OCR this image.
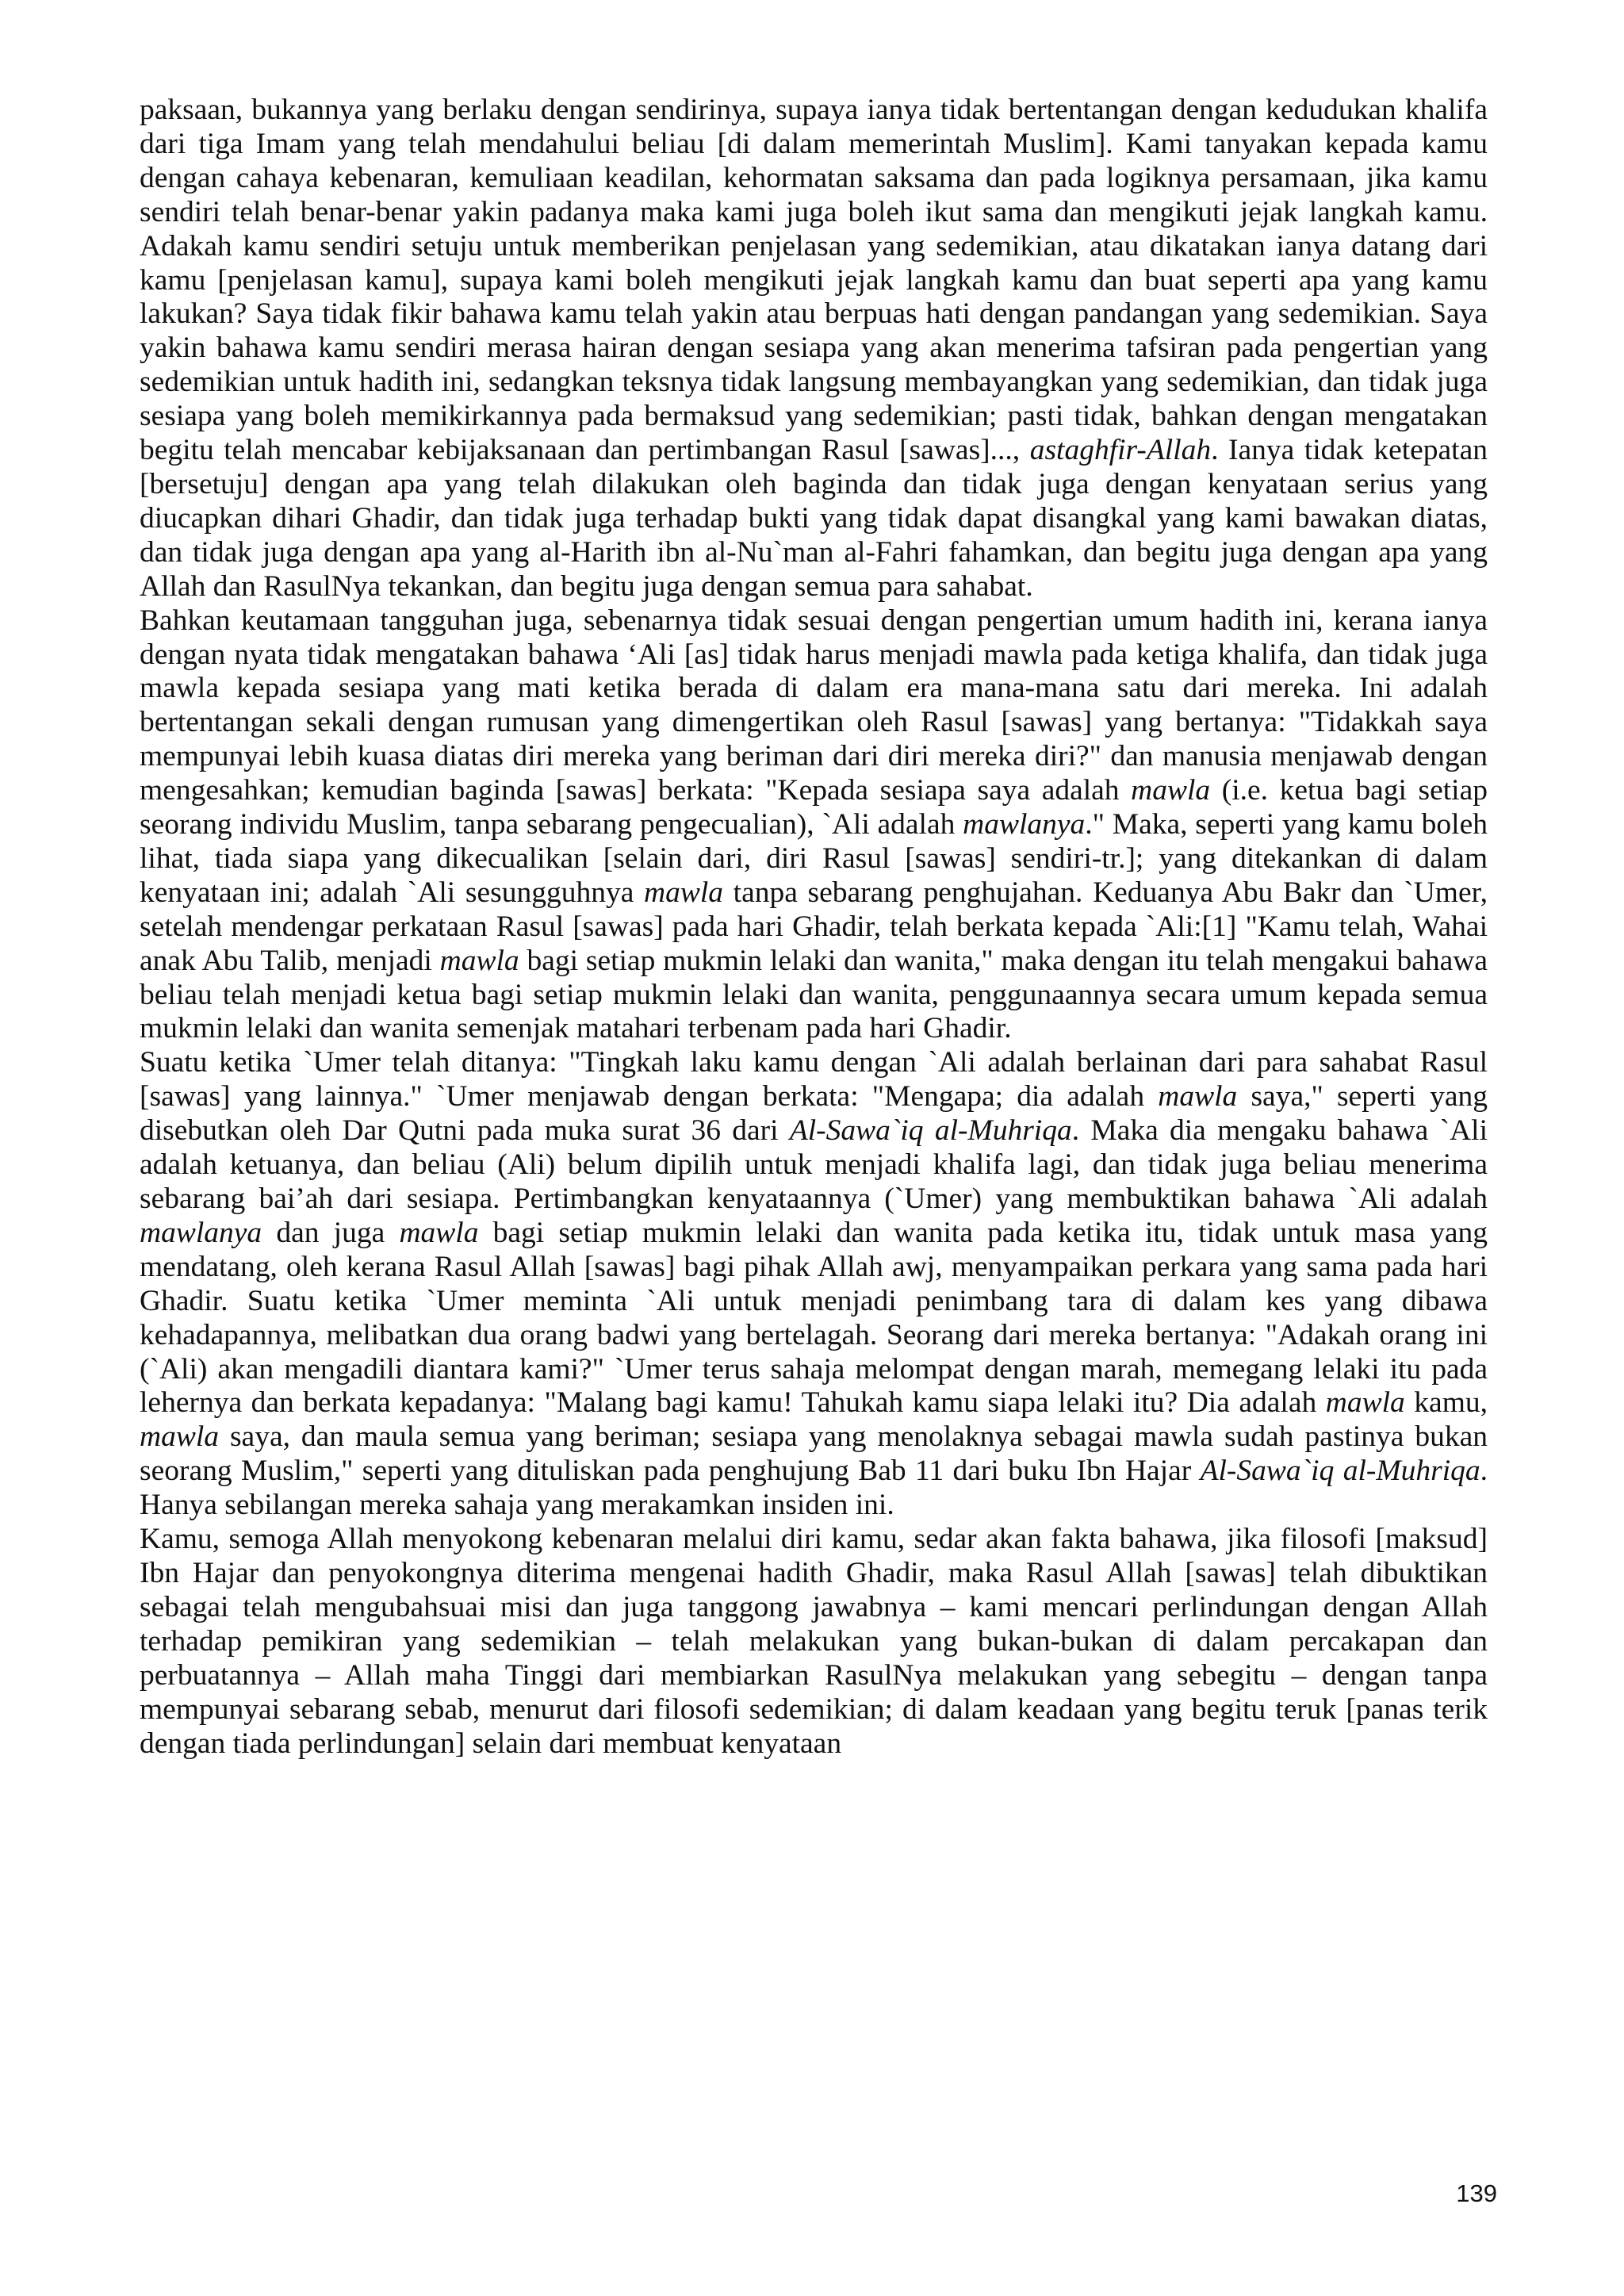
paksaan, bukannya yang berlaku dengan sendirinya, supaya ianya tidak bertentangan dengan kedudukan khalifa dari tiga Imam yang telah mendahului beliau [di dalam memerintah Muslim]. Kami tanyakan kepada kamu dengan cahaya kebenaran, kemuliaan keadilan, kehormatan saksama dan pada logiknya persamaan, jika kamu sendiri telah benar-benar yakin padanya maka kami juga boleh ikut sama dan mengikuti jejak langkah kamu. Adakah kamu sendiri setuju untuk memberikan penjelasan yang sedemikian, atau dikatakan ianya datang dari kamu [penjelasan kamu], supaya kami boleh mengikuti jejak langkah kamu dan buat seperti apa yang kamu lakukan? Saya tidak fikir bahawa kamu telah yakin atau berpuas hati dengan pandangan yang sedemikian. Saya yakin bahawa kamu sendiri merasa hairan dengan sesiapa yang akan menerima tafsiran pada pengertian yang sedemikian untuk hadith ini, sedangkan teksnya tidak langsung membayangkan yang sedemikian, dan tidak juga sesiapa yang boleh memikirkannya pada bermaksud yang sedemikian; pasti tidak, bahkan dengan mengatakan begitu telah mencabar kebijaksanaan dan pertimbangan Rasul [sawas]..., astaghfir-Allah. Ianya tidak ketepatan [bersetuju] dengan apa yang telah dilakukan oleh baginda dan tidak juga dengan kenyataan serius yang diucapkan dihari Ghadir, dan tidak juga terhadap bukti yang tidak dapat disangkal yang kami bawakan diatas, dan tidak juga dengan apa yang al-Harith ibn al-Nu`man al-Fahri fahamkan, dan begitu juga dengan apa yang Allah dan RasulNya tekankan, dan begitu juga dengan semua para sahabat.

Bahkan keutamaan tangguhan juga, sebenarnya tidak sesuai dengan pengertian umum hadith ini, kerana ianya dengan nyata tidak mengatakan bahawa ‘Ali [as] tidak harus menjadi mawla pada ketiga khalifa, dan tidak juga mawla kepada sesiapa yang mati ketika berada di dalam era mana-mana satu dari mereka. Ini adalah bertentangan sekali dengan rumusan yang dimengertikan oleh Rasul [sawas] yang bertanya: "Tidakkah saya mempunyai lebih kuasa diatas diri mereka yang beriman dari diri mereka diri?" dan manusia menjawab dengan mengesahkan; kemudian baginda [sawas] berkata: "Kepada sesiapa saya adalah mawla (i.e. ketua bagi setiap seorang individu Muslim, tanpa sebarang pengecualian), `Ali adalah mawlanya." Maka, seperti yang kamu boleh lihat, tiada siapa yang dikecualikan [selain dari, diri Rasul [sawas] sendiri-tr.]; yang ditekankan di dalam kenyataan ini; adalah `Ali sesungguhnya mawla tanpa sebarang penghujahan. Keduanya Abu Bakr dan `Umer, setelah mendengar perkataan Rasul [sawas] pada hari Ghadir, telah berkata kepada `Ali:[1] "Kamu telah, Wahai anak Abu Talib, menjadi mawla bagi setiap mukmin lelaki dan wanita," maka dengan itu telah mengakui bahawa beliau telah menjadi ketua bagi setiap mukmin lelaki dan wanita, penggunaannya secara umum kepada semua mukmin lelaki dan wanita semenjak matahari terbenam pada hari Ghadir.

Suatu ketika `Umer telah ditanya: "Tingkah laku kamu dengan `Ali adalah berlainan dari para sahabat Rasul [sawas] yang lainnya." `Umer menjawab dengan berkata: "Mengapa; dia adalah mawla saya," seperti yang disebutkan oleh Dar Qutni pada muka surat 36 dari Al-Sawa`iq al-Muhriqa. Maka dia mengaku bahawa `Ali adalah ketuanya, dan beliau (Ali) belum dipilih untuk menjadi khalifa lagi, dan tidak juga beliau menerima sebarang bai’ah dari sesiapa. Pertimbangkan kenyataannya (`Umer) yang membuktikan bahawa `Ali adalah mawlanya dan juga mawla bagi setiap mukmin lelaki dan wanita pada ketika itu, tidak untuk masa yang mendatang, oleh kerana Rasul Allah [sawas] bagi pihak Allah awj, menyampaikan perkara yang sama pada hari Ghadir. Suatu ketika `Umer meminta `Ali untuk menjadi penimbang tara di dalam kes yang dibawa kehadapannya, melibatkan dua orang badwi yang bertelagah. Seorang dari mereka bertanya: "Adakah orang ini (`Ali) akan mengadili diantara kami?" `Umer terus sahaja melompat dengan marah, memegang lelaki itu pada lehernya dan berkata kepadanya: "Malang bagi kamu! Tahukah kamu siapa lelaki itu? Dia adalah mawla kamu, mawla saya, dan maula semua yang beriman; sesiapa yang menolaknya sebagai mawla sudah pastinya bukan seorang Muslim," seperti yang dituliskan pada penghujung Bab 11 dari buku Ibn Hajar Al-Sawa`iq al-Muhriqa. Hanya sebilangan mereka sahaja yang merakamkan insiden ini.

Kamu, semoga Allah menyokong kebenaran melalui diri kamu, sedar akan fakta bahawa, jika filosofi [maksud] Ibn Hajar dan penyokongnya diterima mengenai hadith Ghadir, maka Rasul Allah [sawas] telah dibuktikan sebagai telah mengubahsuai misi dan juga tanggong jawabnya – kami mencari perlindungan dengan Allah terhadap pemikiran yang sedemikian – telah melakukan yang bukan-bukan di dalam percakapan dan perbuatannya – Allah maha Tinggi dari membiarkan RasulNya melakukan yang sebegitu – dengan tanpa mempunyai sebarang sebab, menurut dari filosofi sedemikian; di dalam keadaan yang begitu teruk [panas terik dengan tiada perlindungan] selain dari membuat kenyataan

139
